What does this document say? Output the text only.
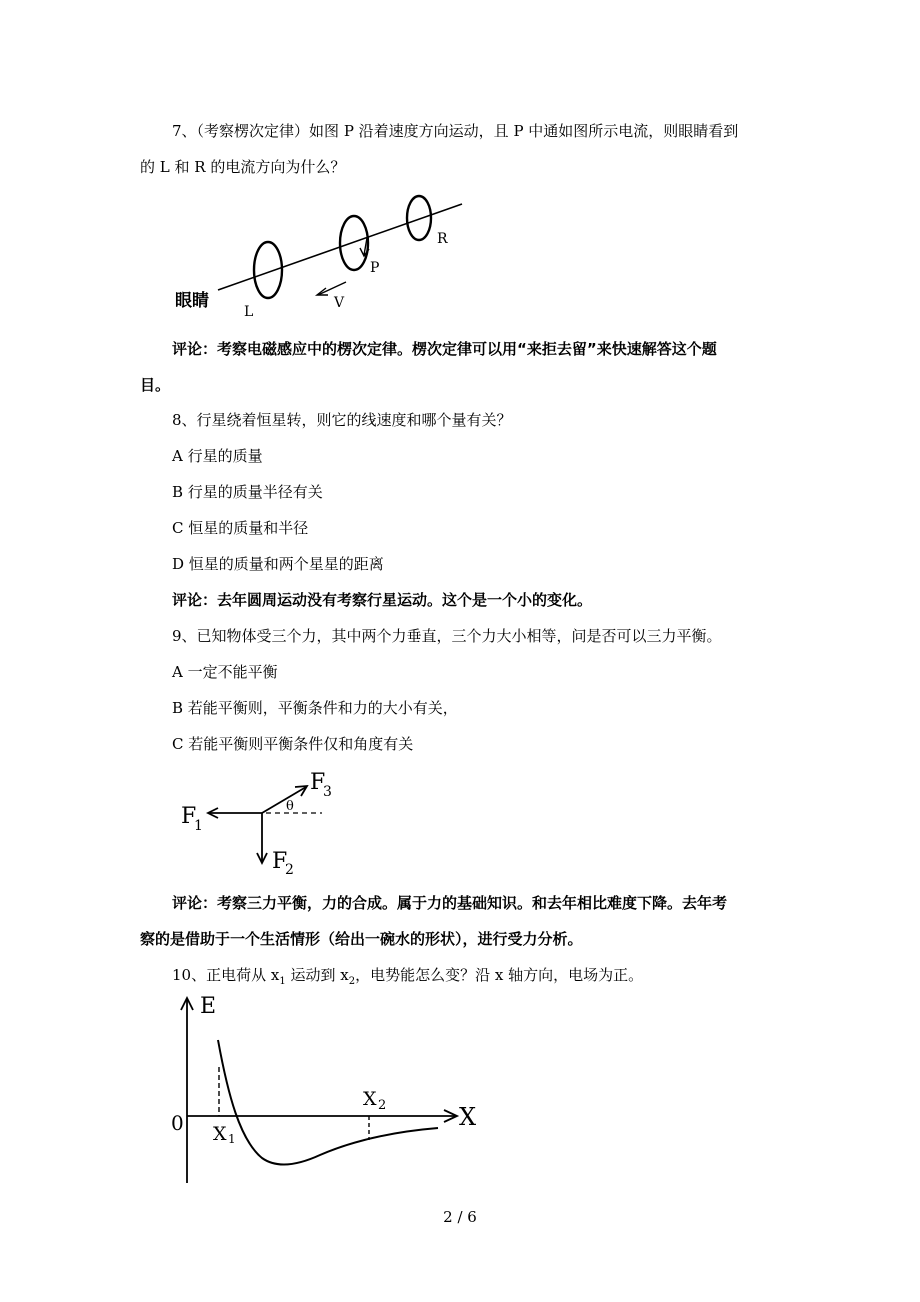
7、（考察楞次定律）如图 P 沿着速度方向运动，且 P 中通如图所示电流，则眼睛看到
的 L 和 R 的电流方向为什么？
眼睛
L
P
R
V
评论：考察电磁感应中的楞次定律。楞次定律可以用“来拒去留”来快速解答这个题
目。
8、行星绕着恒星转，则它的线速度和哪个量有关？
A 行星的质量
B 行星的质量半径有关
C 恒星的质量和半径
D 恒星的质量和两个星星的距离
评论：去年圆周运动没有考察行星运动。这个是一个小的变化。
9、已知物体受三个力，其中两个力垂直，三个力大小相等，问是否可以三力平衡。
A 一定不能平衡
B 若能平衡则，平衡条件和力的大小有关，
C 若能平衡则平衡条件仅和角度有关
θ
F
1
F
2
F
3
评论：考察三力平衡，力的合成。属于力的基础知识。和去年相比难度下降。去年考
察的是借助于一个生活情形（给出一碗水的形状），进行受力分析。
10、正电荷从 $x_1$ 运动到 $x_2$，电势能怎么变？沿 x 轴方向，电场为正。
E
0	X
X 1
X 2
2 / 6
